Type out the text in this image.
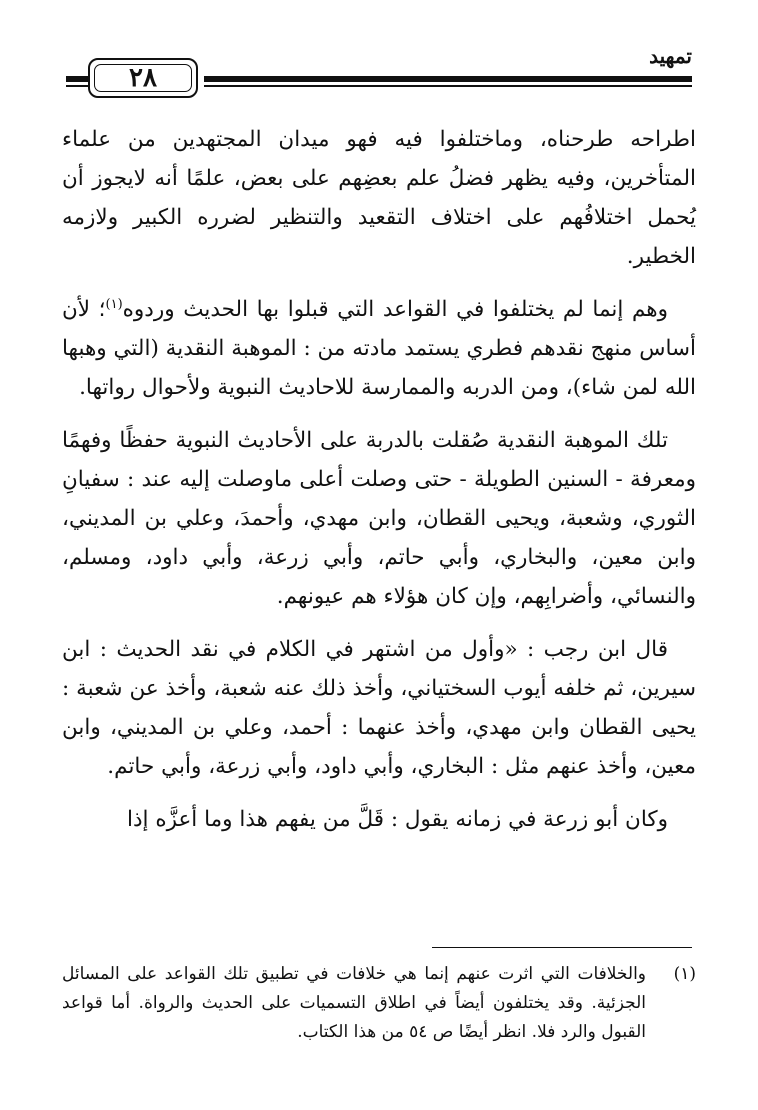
تمهيد
٢٨

اطراحه طرحناه، وماختلفوا فيه فهو ميدان المجتهدين من علماء المتأخرين، وفيه يظهر فضلُ علم بعضِهم على بعض، علمًا أنه لايجوز أن يُحمل اختلافُهم على اختلاف التقعيد والتنظير لضرره الكبير ولازمه الخطير.

وهم إنما لم يختلفوا في القواعد التي قبلوا بها الحديث وردوه$^{(١)}$؛ لأن أساس منهج نقدهم فطري يستمد مادته من : الموهبة النقدية (التي وهبها الله لمن شاء)، ومن الدربه والممارسة للاحاديث النبوية ولأحوال رواتها.

تلك الموهبة النقدية صُقلت بالدربة على الأحاديث النبوية حفظًا وفهمًا ومعرفة - السنين الطويلة - حتى وصلت أعلى ماوصلت إليه عند : سفيانِ الثوري، وشعبة، ويحيى القطان، وابن مهدي، وأحمدَ، وعلي بن المديني، وابن معين، والبخاري، وأبي حاتم، وأبي زرعة، وأبي داود، ومسلم، والنسائي، وأضرابِهم، وإن كان هؤلاء هم عيونهم.

قال ابن رجب : «وأول من اشتهر في الكلام في نقد الحديث : ابن سيرين، ثم خلفه أيوب السختياني، وأخذ ذلك عنه شعبة، وأخذ عن شعبة : يحيى القطان وابن مهدي، وأخذ عنهما : أحمد، وعلي بن المديني، وابن معين، وأخذ عنهم مثل : البخاري، وأبي داود، وأبي زرعة، وأبي حاتم.

وكان أبو زرعة في زمانه يقول : قَلَّ من يفهم هذا وما أعزَّه إذا

(١)
والخلافات التي اثرت عنهم إنما هي خلافات في تطبيق تلك القواعد على المسائل الجزئية. وقد يختلفون أيضاً في اطلاق التسميات على الحديث والرواة. أما قواعد القبول والرد فلا. انظر أيضًا ص ٥٤ من هذا الكتاب.
